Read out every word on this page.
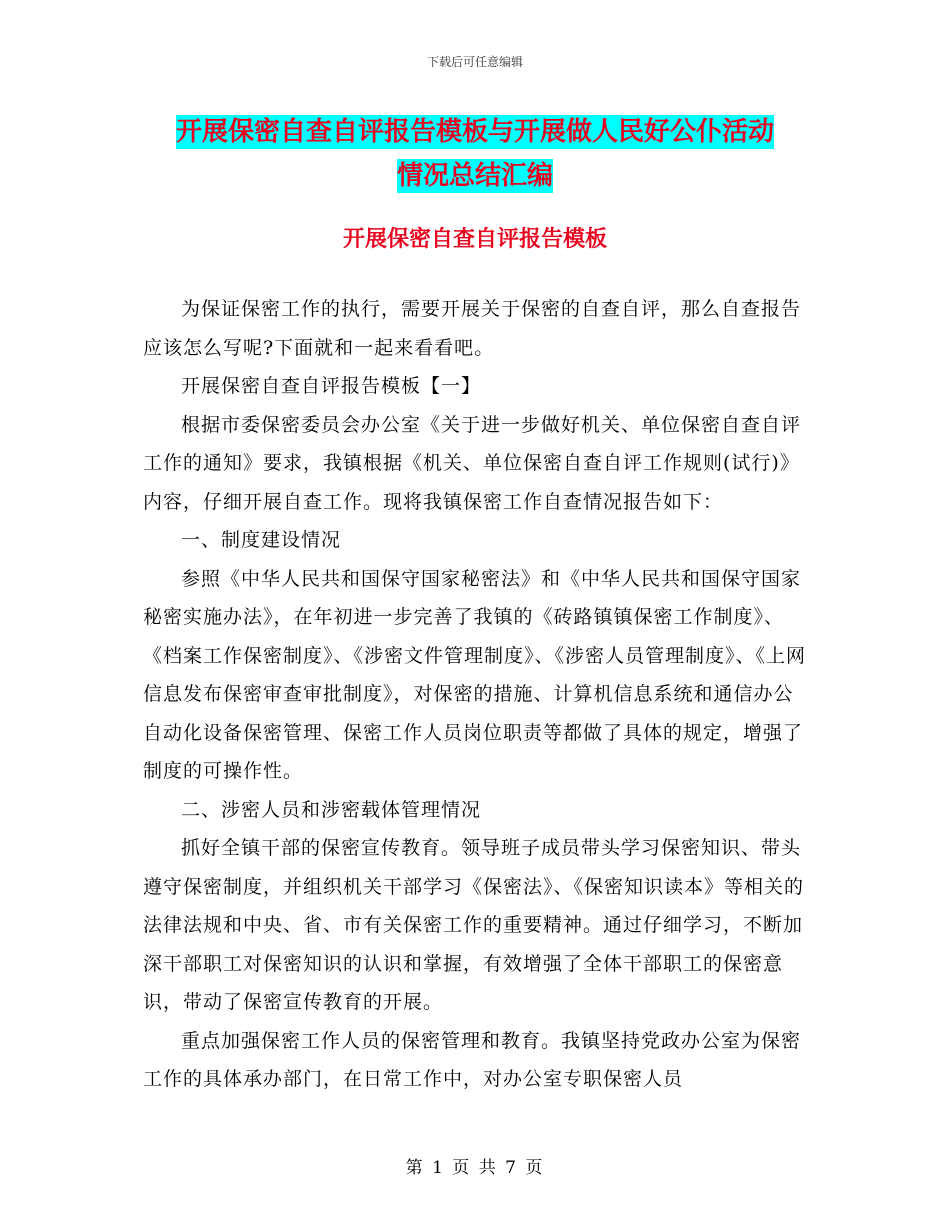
下载后可任意编辑
开展保密自查自评报告模板与开展做人民好公仆活动
情况总结汇编
开展保密自查自评报告模板

为保证保密工作的执行，需要开展关于保密的自查自评，那么自查报告应该怎么写呢?下面就和一起来看看吧。

开展保密自查自评报告模板【一】

根据市委保密委员会办公室《关于进一步做好机关、单位保密自查自评工作的通知》要求，我镇根据《机关、单位保密自查自评工作规则(试行)》内容，仔细开展自查工作。现将我镇保密工作自查情况报告如下：

一、制度建设情况

参照《中华人民共和国保守国家秘密法》和《中华人民共和国保守国家秘密实施办法》，在年初进一步完善了我镇的《砖路镇镇保密工作制度》、《档案工作保密制度》、《涉密文件管理制度》、《涉密人员管理制度》、《上网信息发布保密审查审批制度》，对保密的措施、计算机信息系统和通信办公自动化设备保密管理、保密工作人员岗位职责等都做了具体的规定，增强了制度的可操作性。

二、涉密人员和涉密载体管理情况

抓好全镇干部的保密宣传教育。领导班子成员带头学习保密知识、带头遵守保密制度，并组织机关干部学习《保密法》、《保密知识读本》等相关的法律法规和中央、省、市有关保密工作的重要精神。通过仔细学习，不断加深干部职工对保密知识的认识和掌握，有效增强了全体干部职工的保密意识，带动了保密宣传教育的开展。

重点加强保密工作人员的保密管理和教育。我镇坚持党政办公室为保密工作的具体承办部门，在日常工作中，对办公室专职保密人员

第 1 页 共 7 页
